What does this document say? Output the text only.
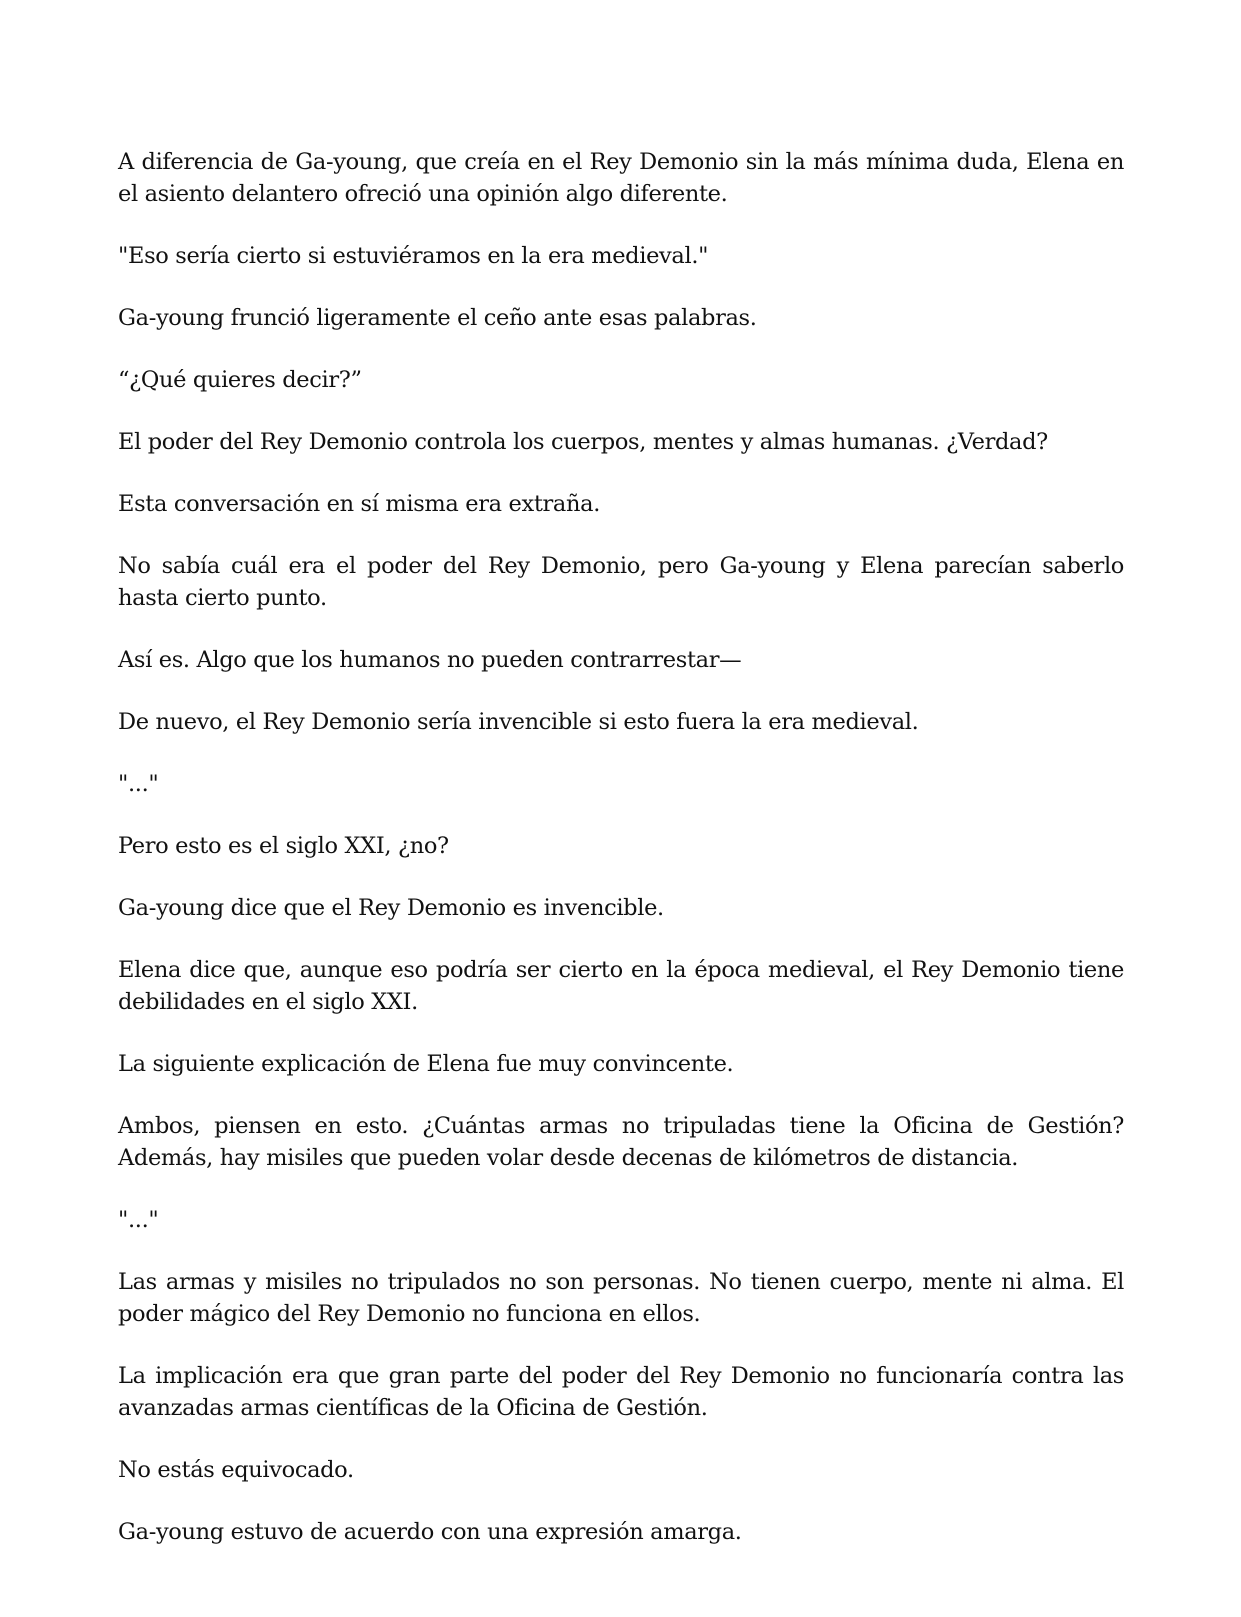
A diferencia de Ga-young, que creía en el Rey Demonio sin la más mínima duda, Elena en el asiento delantero ofreció una opinión algo diferente.

"Eso sería cierto si estuviéramos en la era medieval."

Ga-young frunció ligeramente el ceño ante esas palabras.

“¿Qué quieres decir?”

El poder del Rey Demonio controla los cuerpos, mentes y almas humanas. ¿Verdad?

Esta conversación en sí misma era extraña.

No sabía cuál era el poder del Rey Demonio, pero Ga-young y Elena parecían saberlo hasta cierto punto.

Así es. Algo que los humanos no pueden contrarrestar—

De nuevo, el Rey Demonio sería invencible si esto fuera la era medieval.

"..."

Pero esto es el siglo XXI, ¿no?

Ga-young dice que el Rey Demonio es invencible.

Elena dice que, aunque eso podría ser cierto en la época medieval, el Rey Demonio tiene debilidades en el siglo XXI.

La siguiente explicación de Elena fue muy convincente.

Ambos, piensen en esto. ¿Cuántas armas no tripuladas tiene la Oficina de Gestión? Además, hay misiles que pueden volar desde decenas de kilómetros de distancia.

"..."

Las armas y misiles no tripulados no son personas. No tienen cuerpo, mente ni alma. El poder mágico del Rey Demonio no funciona en ellos.

La implicación era que gran parte del poder del Rey Demonio no funcionaría contra las avanzadas armas científicas de la Oficina de Gestión.

No estás equivocado.

Ga-young estuvo de acuerdo con una expresión amarga.
